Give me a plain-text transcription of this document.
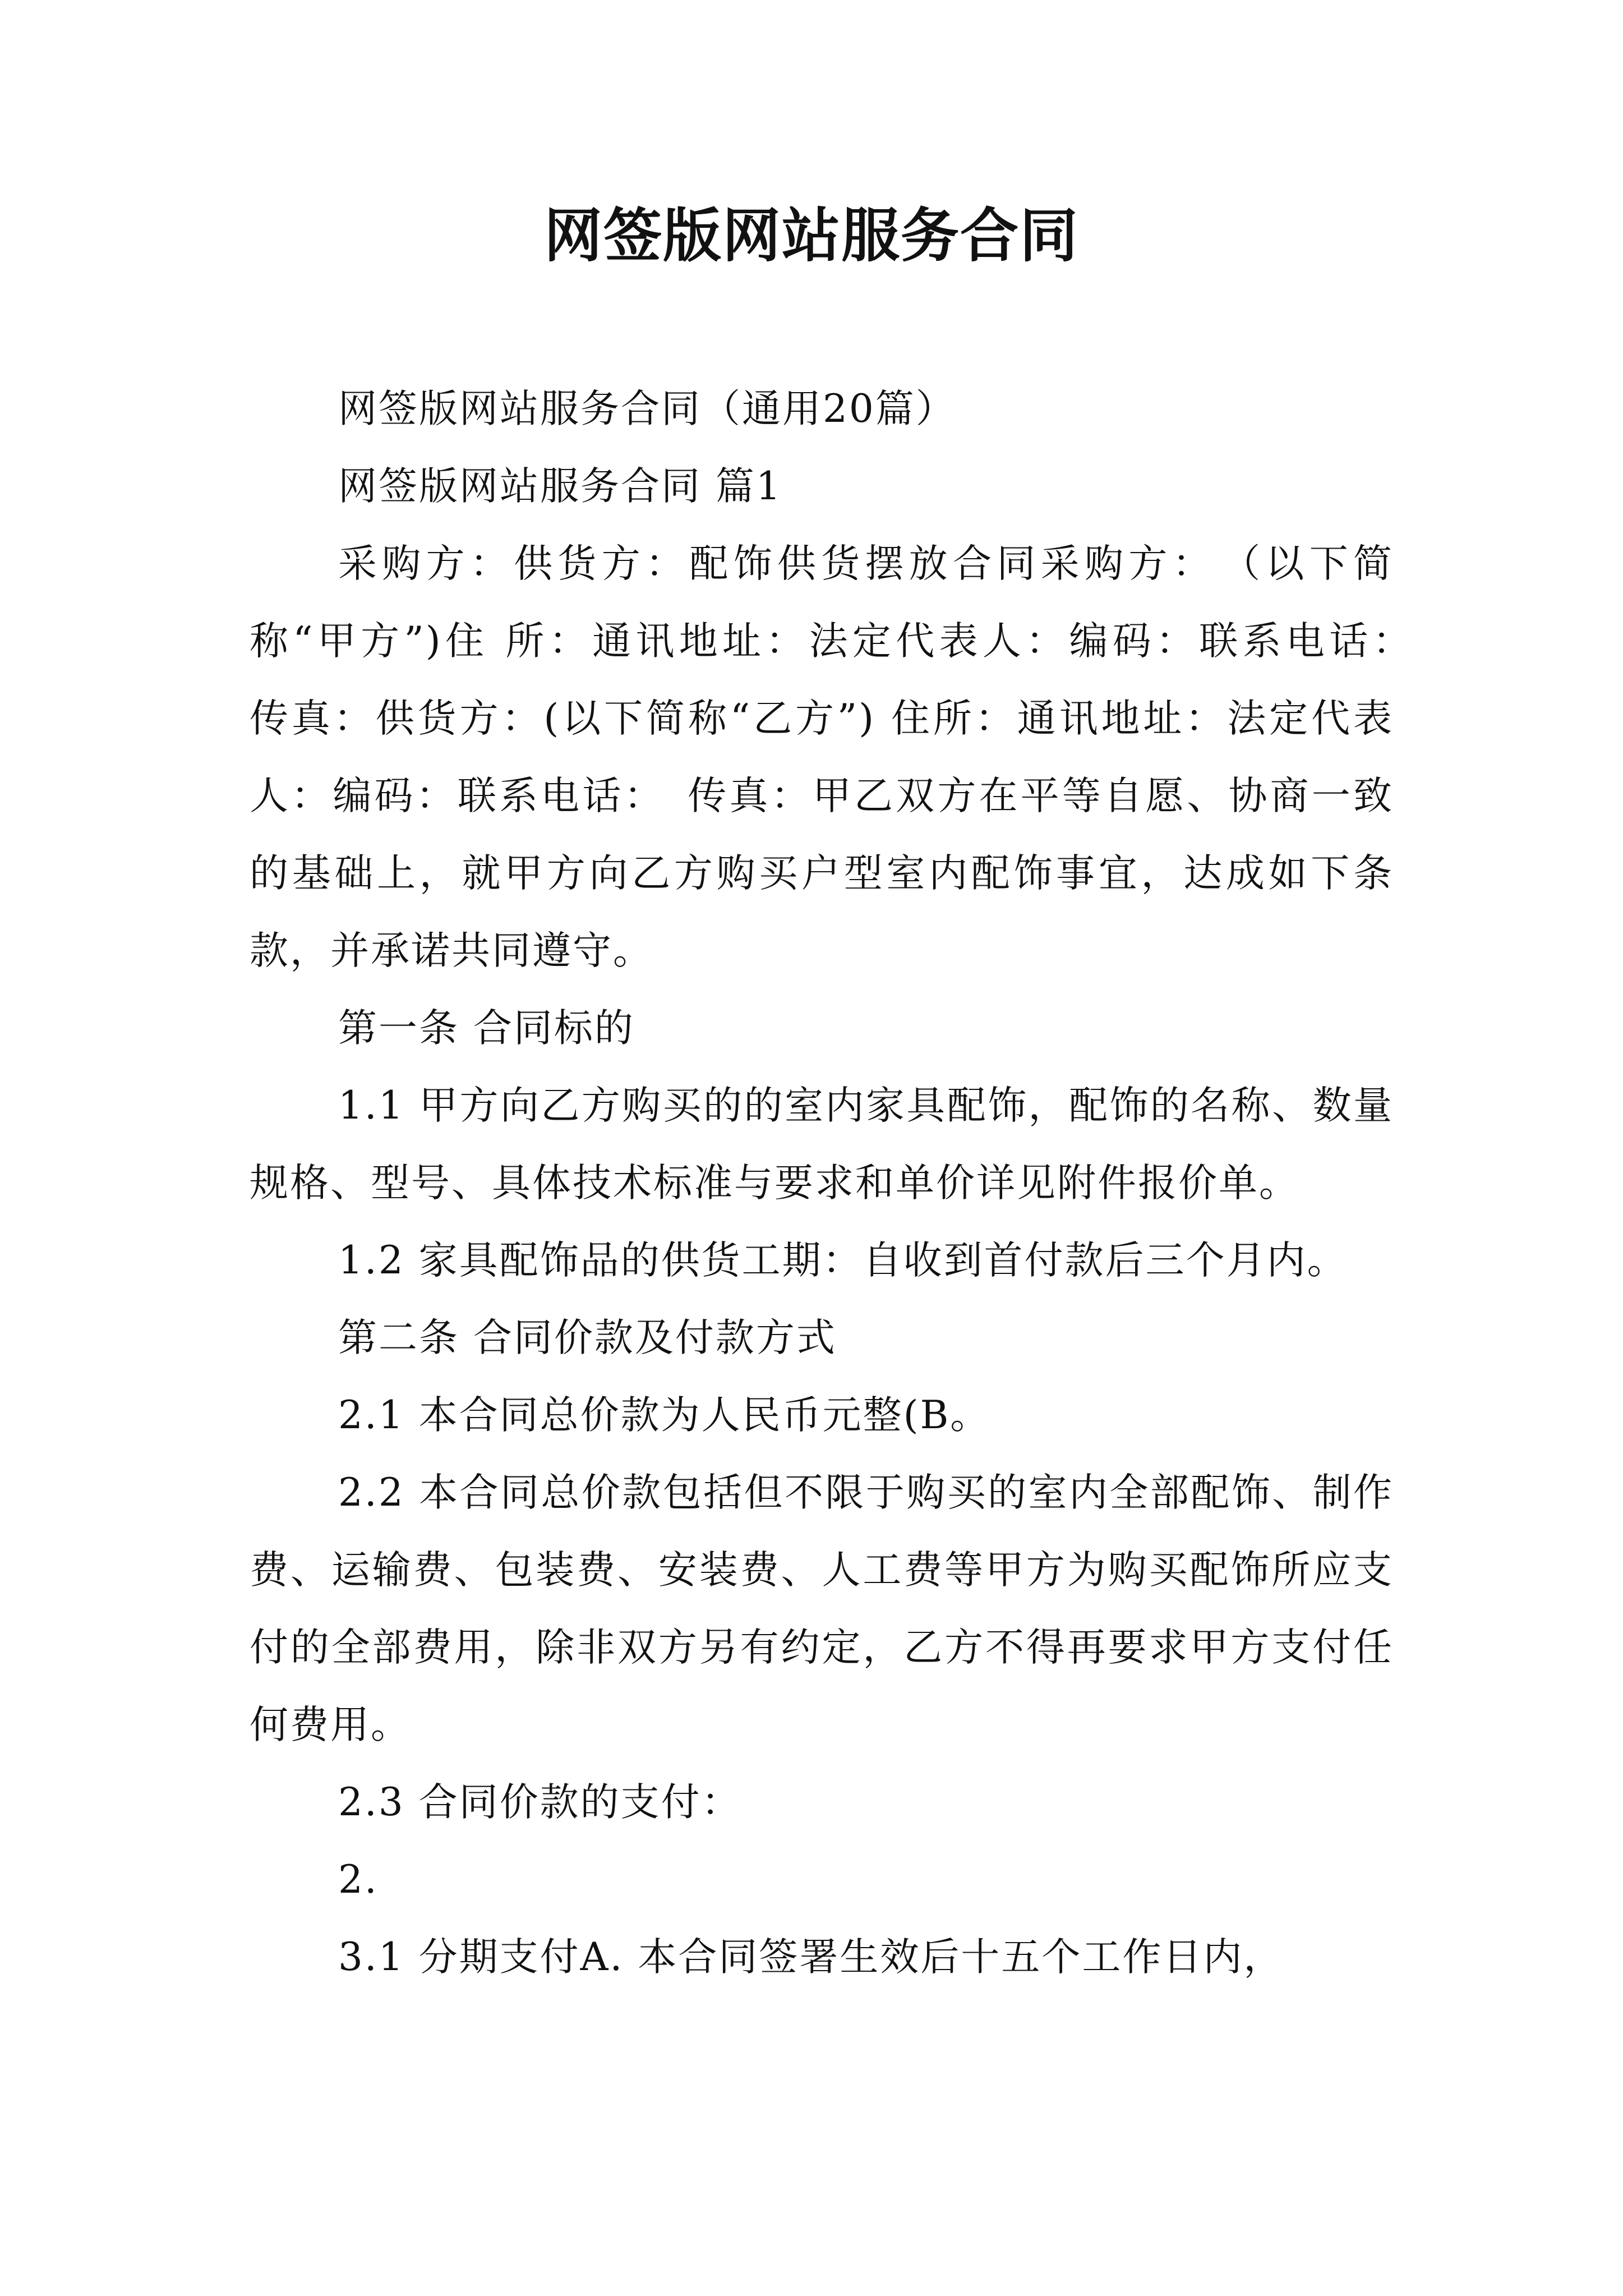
网签版网站服务合同

网签版网站服务合同（通用20篇）

网签版网站服务合同 篇1

采购方：供货方：配饰供货摆放合同采购方：　（以下简称“甲方”)住 所：通讯地址：法定代表人：编码：联系电话：　传真：供货方：(以下简称“乙方”) 住所：通讯地址：法定代表人：编码：联系电话：　传真：甲乙双方在平等自愿、协商一致的基础上，就甲方向乙方购买户型室内配饰事宜，达成如下条款，并承诺共同遵守。

第一条 合同标的

1.1 甲方向乙方购买的的室内家具配饰，配饰的名称、数量规格、型号、具体技术标准与要求和单价详见附件报价单。

1.2 家具配饰品的供货工期：自收到首付款后三个月内。

第二条 合同价款及付款方式

2.1 本合同总价款为人民币元整(B。

2.2 本合同总价款包括但不限于购买的室内全部配饰、制作费、运输费、包装费、安装费、人工费等甲方为购买配饰所应支付的全部费用，除非双方另有约定，乙方不得再要求甲方支付任何费用。

2.3 合同价款的支付：

2.

3.1 分期支付A. 本合同签署生效后十五个工作日内，
